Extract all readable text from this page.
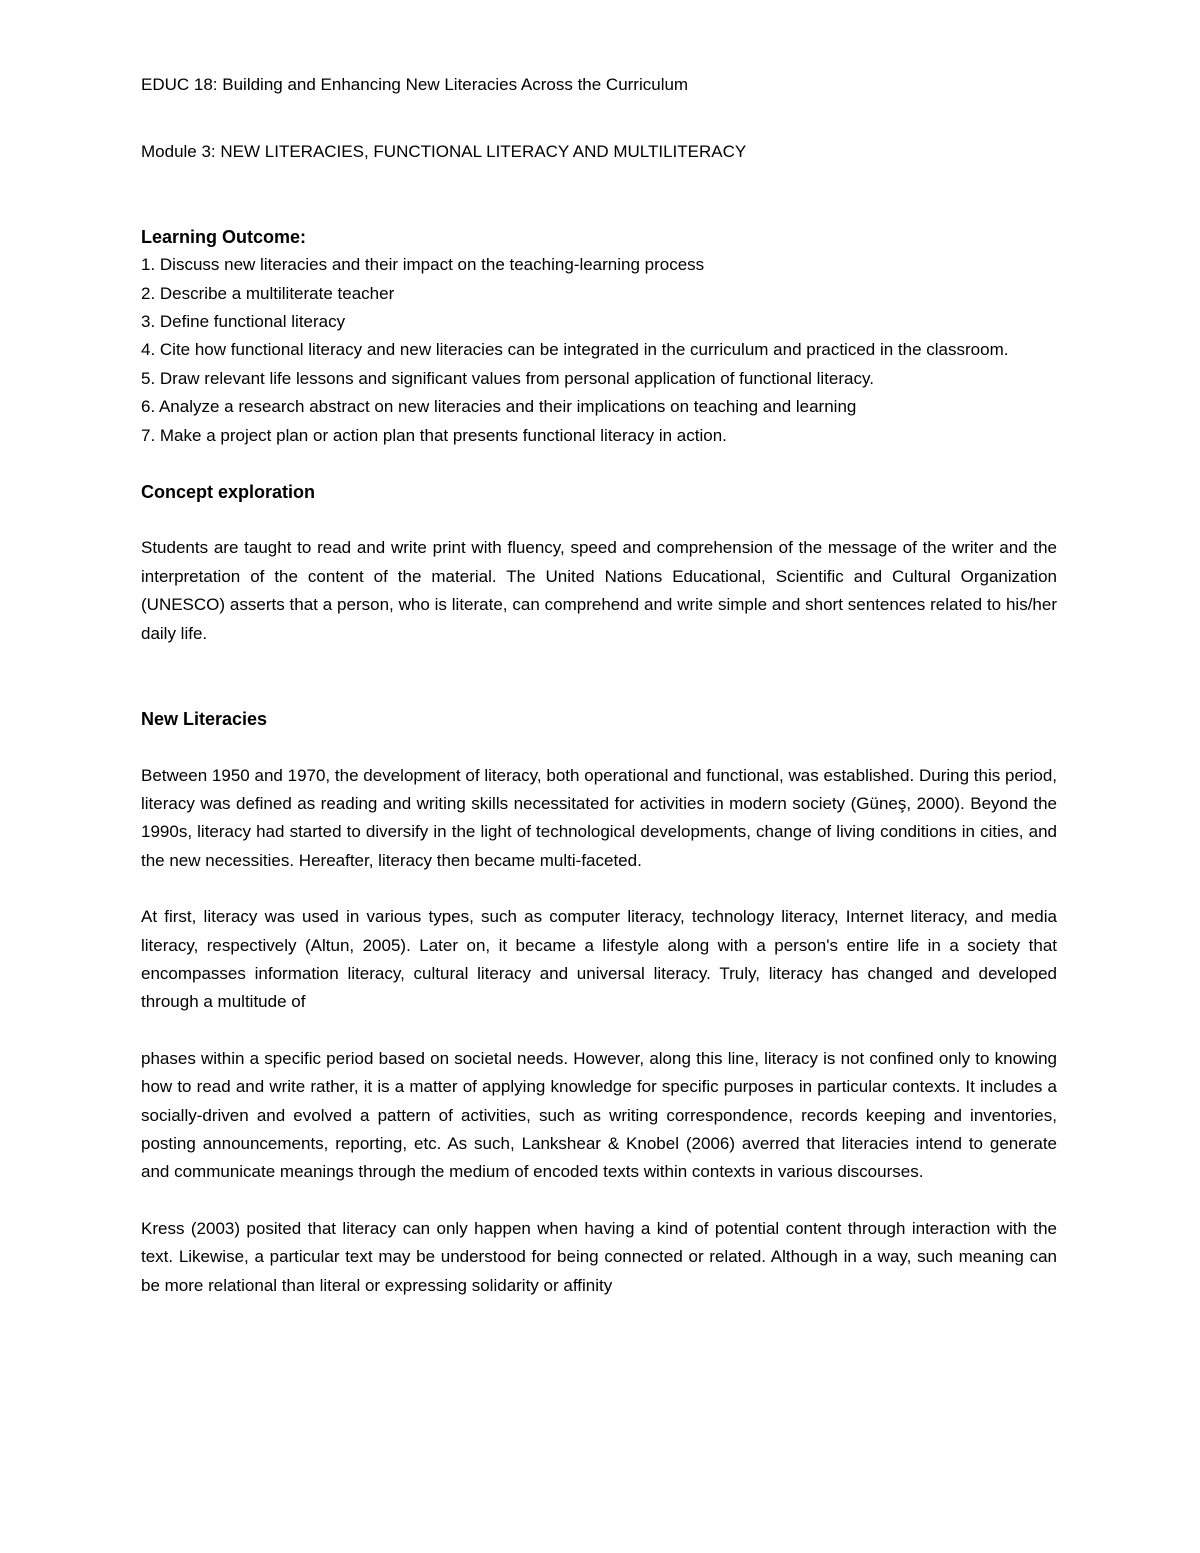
EDUC 18: Building and Enhancing New Literacies Across the Curriculum

Module 3: NEW LITERACIES, FUNCTIONAL LITERACY AND MULTILITERACY

Learning Outcome:

1. Discuss new literacies and their impact on the teaching-learning process
2. Describe a multiliterate teacher
3. Define functional literacy
4. Cite how functional literacy and new literacies can be integrated in the curriculum and practiced in the classroom.
5. Draw relevant life lessons and significant values from personal application of functional literacy.
6. Analyze a research abstract on new literacies and their implications on teaching and learning
7. Make a project plan or action plan that presents functional literacy in action.

Concept exploration

Students are taught to read and write print with fluency, speed and comprehension of the message of the writer and the interpretation of the content of the material. The United Nations Educational, Scientific and Cultural Organization (UNESCO) asserts that a person, who is literate, can comprehend and write simple and short sentences related to his/her daily life.

New Literacies

Between 1950 and 1970, the development of literacy, both operational and functional, was established. During this period, literacy was defined as reading and writing skills necessitated for activities in modern society (Güneş, 2000). Beyond the 1990s, literacy had started to diversify in the light of technological developments, change of living conditions in cities, and the new necessities. Hereafter, literacy then became multi-faceted.

At first, literacy was used in various types, such as computer literacy, technology literacy, Internet literacy, and media literacy, respectively (Altun, 2005). Later on, it became a lifestyle along with a person's entire life in a society that encompasses information literacy, cultural literacy and universal literacy. Truly, literacy has changed and developed through a multitude of

phases within a specific period based on societal needs. However, along this line, literacy is not confined only to knowing how to read and write rather, it is a matter of applying knowledge for specific purposes in particular contexts. It includes a socially-driven and evolved a pattern of activities, such as writing correspondence, records keeping and inventories, posting announcements, reporting, etc. As such, Lankshear & Knobel (2006) averred that literacies intend to generate and communicate meanings through the medium of encoded texts within contexts in various discourses.

Kress (2003) posited that literacy can only happen when having a kind of potential content through interaction with the text. Likewise, a particular text may be understood for being connected or related. Although in a way, such meaning can be more relational than literal or expressing solidarity or affinity
